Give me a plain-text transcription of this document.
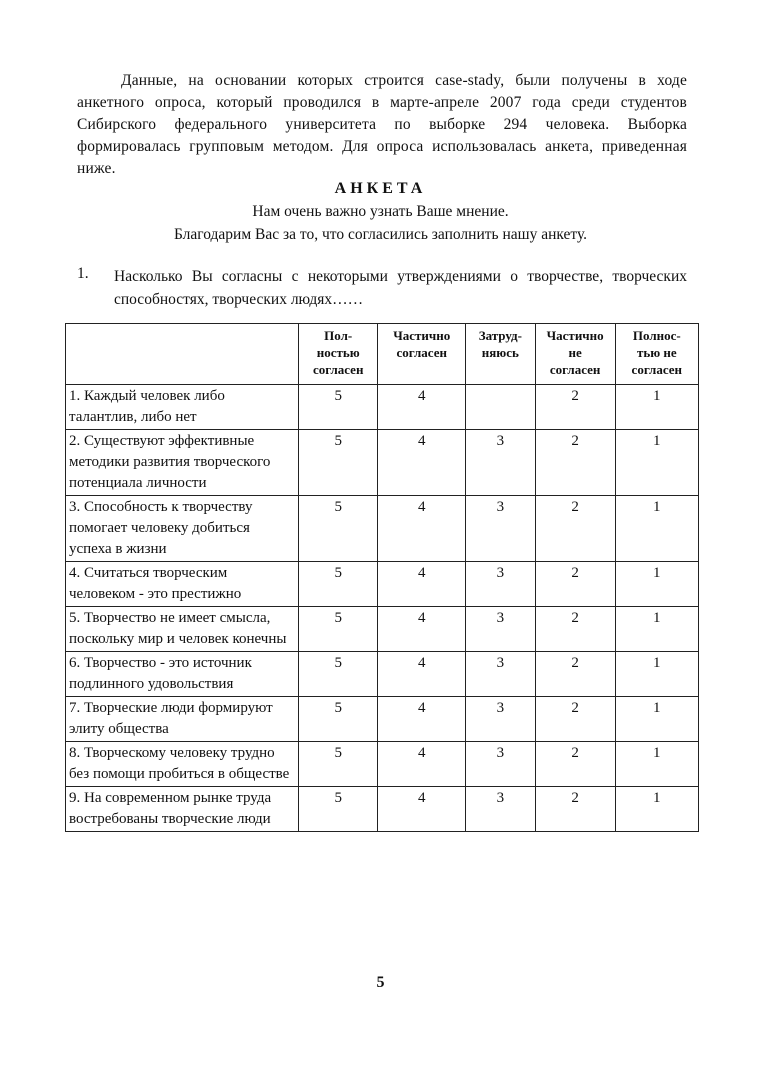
Данные, на основании которых строится case-stady, были получены в ходе анкетного опроса, который проводился в марте-апреле 2007 года среди студентов Сибирского федерального университета по выборке 294 человека. Выборка формировалась групповым методом. Для опроса использовалась анкета, приведенная ниже.
АНКЕТА
Нам очень важно узнать Ваше мнение.
Благодарим Вас за то, что согласились заполнить нашу анкету.
1. Насколько Вы согласны с некоторыми утверждениями о творчестве, творческих способностях, творческих людях……
	Пол-
ностью
согласен	Частично
согласен	Затруд-
няюсь	Частично
не
согласен	Полнос-
тью не
согласен
1. Каждый человек либо талантлив, либо нет	5	4		2	1
2. Существуют эффективные методики развития творческого потенциала личности	5	4	3	2	1
3. Способность к творчеству помогает человеку добиться успеха в жизни	5	4	3	2	1
4. Считаться творческим человеком - это престижно	5	4	3	2	1
5. Творчество не имеет смысла, поскольку мир и человек конечны	5	4	3	2	1
6. Творчество - это источник подлинного удовольствия	5	4	3	2	1
7. Творческие люди формируют элиту общества	5	4	3	2	1
8. Творческому человеку трудно без помощи пробиться в обществе	5	4	3	2	1
9. На современном рынке труда востребованы творческие люди	5	4	3	2	1
5
